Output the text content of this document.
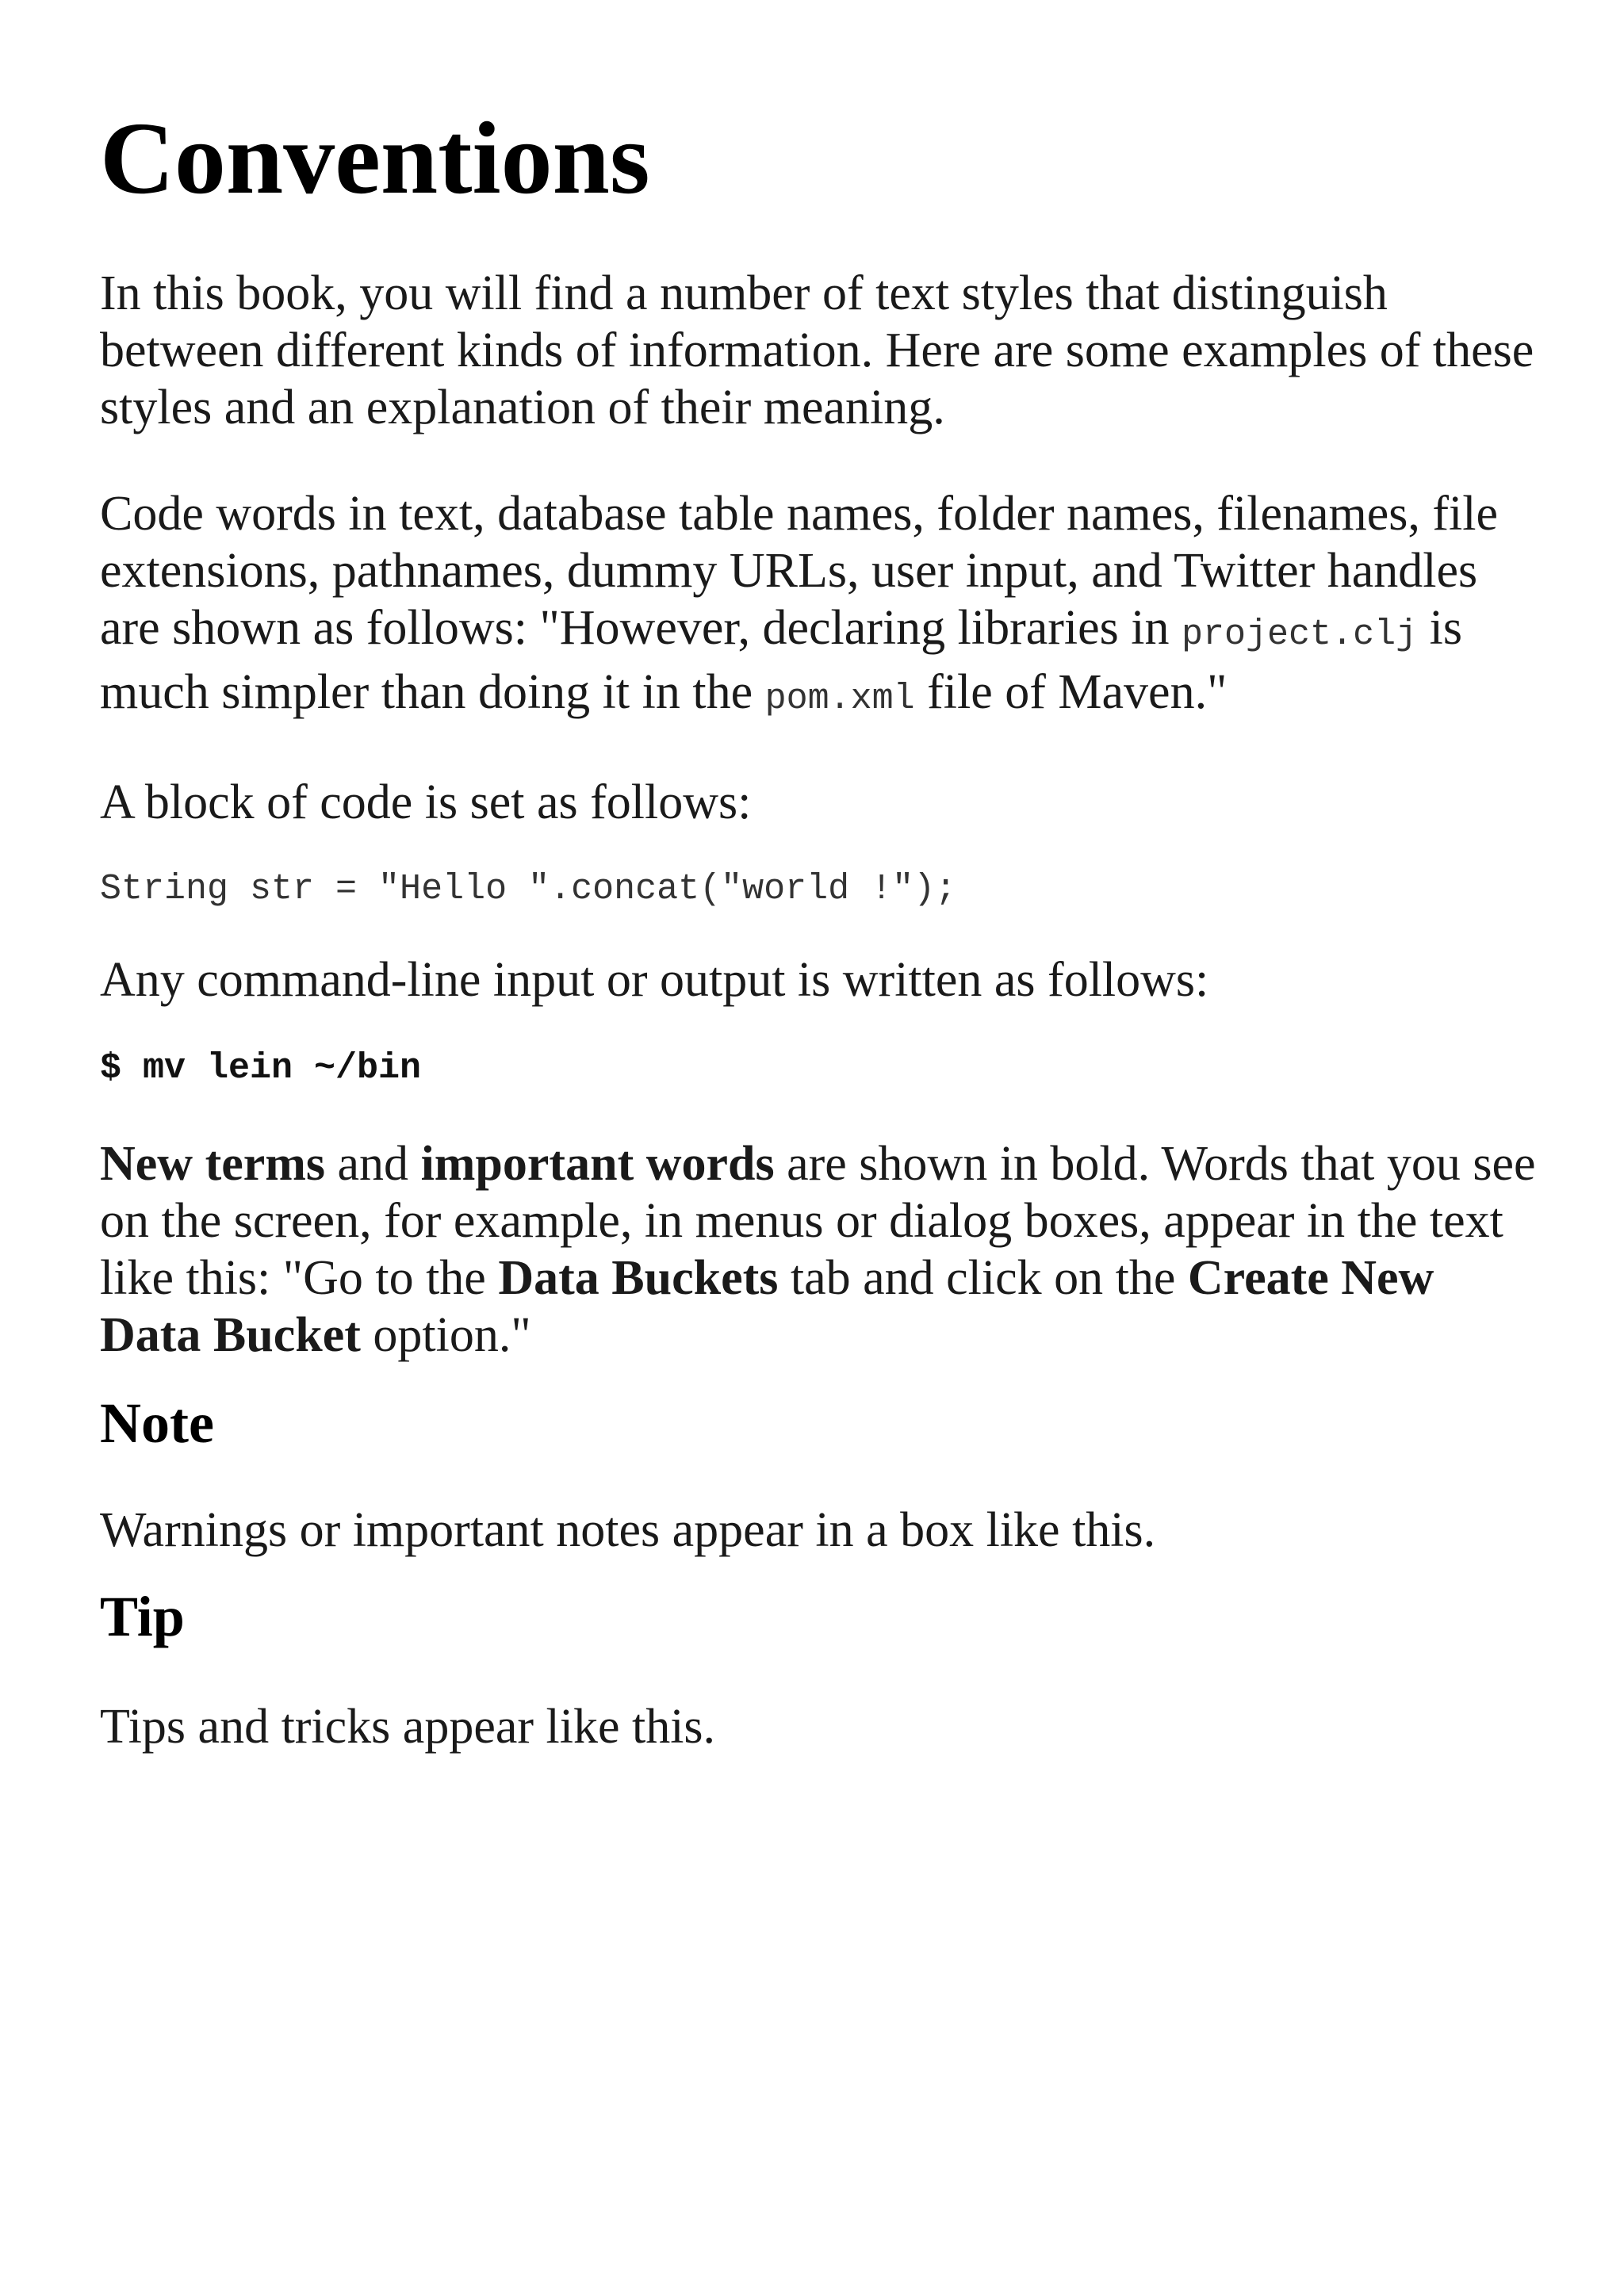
Conventions

In this book, you will find a number of text styles that distinguish between different kinds of information. Here are some examples of these styles and an explanation of their meaning.

Code words in text, database table names, folder names, filenames, file extensions, pathnames, dummy URLs, user input, and Twitter handles are shown as follows: "However, declaring libraries in project.clj is much simpler than doing it in the pom.xml file of Maven."

A block of code is set as follows:

String str = "Hello ".concat("world !");

Any command-line input or output is written as follows:

$ mv lein ~/bin

New terms and important words are shown in bold. Words that you see on the screen, for example, in menus or dialog boxes, appear in the text like this: "Go to the Data Buckets tab and click on the Create New Data Bucket option."

Note

Warnings or important notes appear in a box like this.

Tip

Tips and tricks appear like this.
